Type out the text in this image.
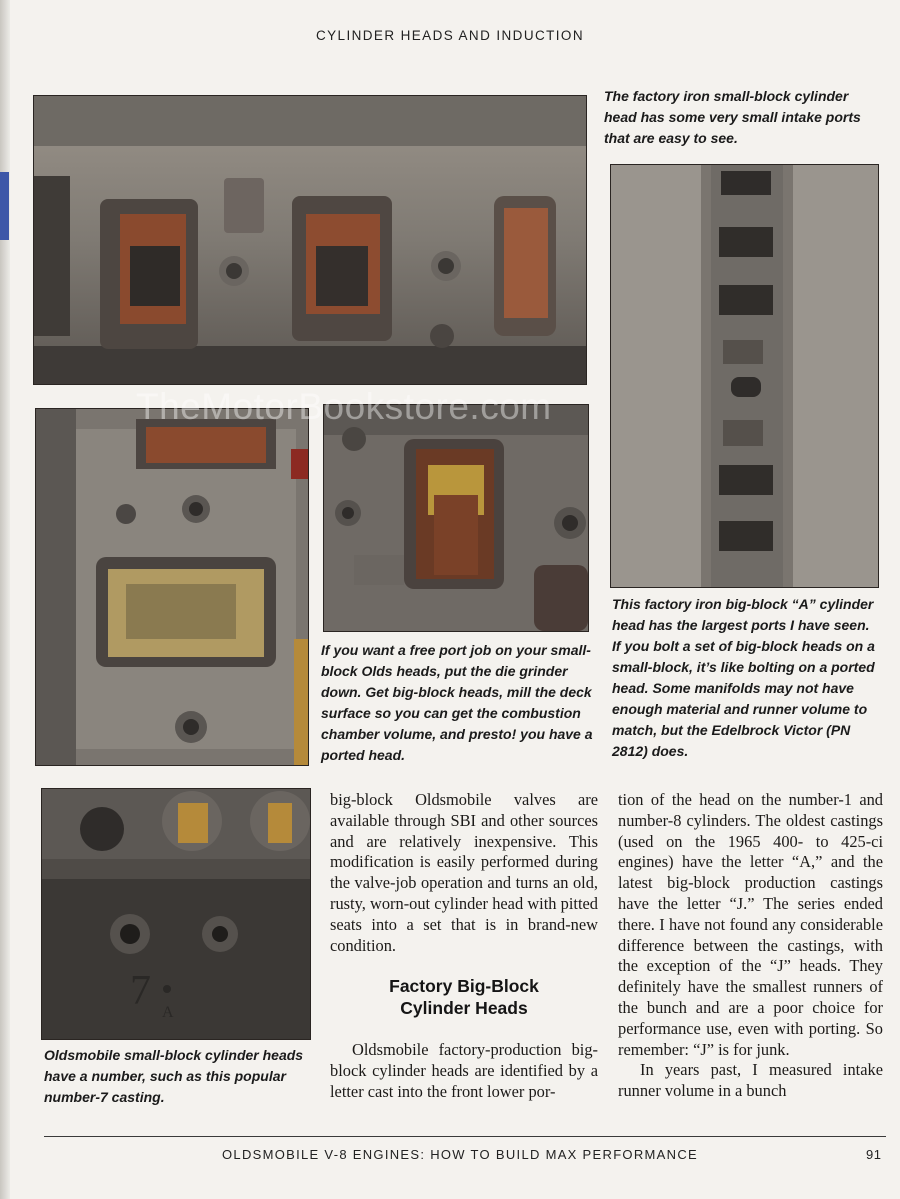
CYLINDER HEADS AND INDUCTION
7 A
TheMotorBookstore.com

The factory iron small-block cylinder head has some very small intake ports that are easy to see.

If you want a free port job on your small-block Olds heads, put the die grinder down. Get big-block heads, mill the deck surface so you can get the combustion chamber volume, and presto! you have a ported head.

This factory iron big-block “A” cylinder head has the largest ports I have seen. If you bolt a set of big-block heads on a small-block, it’s like bolting on a ported head. Some manifolds may not have enough material and runner volume to match, but the Edelbrock Victor (PN 2812) does.

Oldsmobile small-block cylinder heads have a number, such as this popular number-7 casting.

big-block Oldsmobile valves are available through SBI and other sources and are relatively inexpensive. This modification is easily performed during the valve-job operation and turns an old, rusty, worn-out cylinder head with pitted seats into a set that is in brand-new condition.

Factory Big-Block Cylinder Heads

Oldsmobile factory-production big-block cylinder heads are identified by a letter cast into the front lower por-

tion of the head on the number-1 and number-8 cylinders. The oldest castings (used on the 1965 400- to 425-ci engines) have the letter “A,” and the latest big-block production castings have the letter “J.” The series ended there. I have not found any considerable difference between the castings, with the exception of the “J” heads. They definitely have the smallest runners of the bunch and are a poor choice for performance use, even with porting. So remember: “J” is for junk.

In years past, I measured intake runner volume in a bunch

OLDSMOBILE V-8 ENGINES: HOW TO BUILD MAX PERFORMANCE	91
